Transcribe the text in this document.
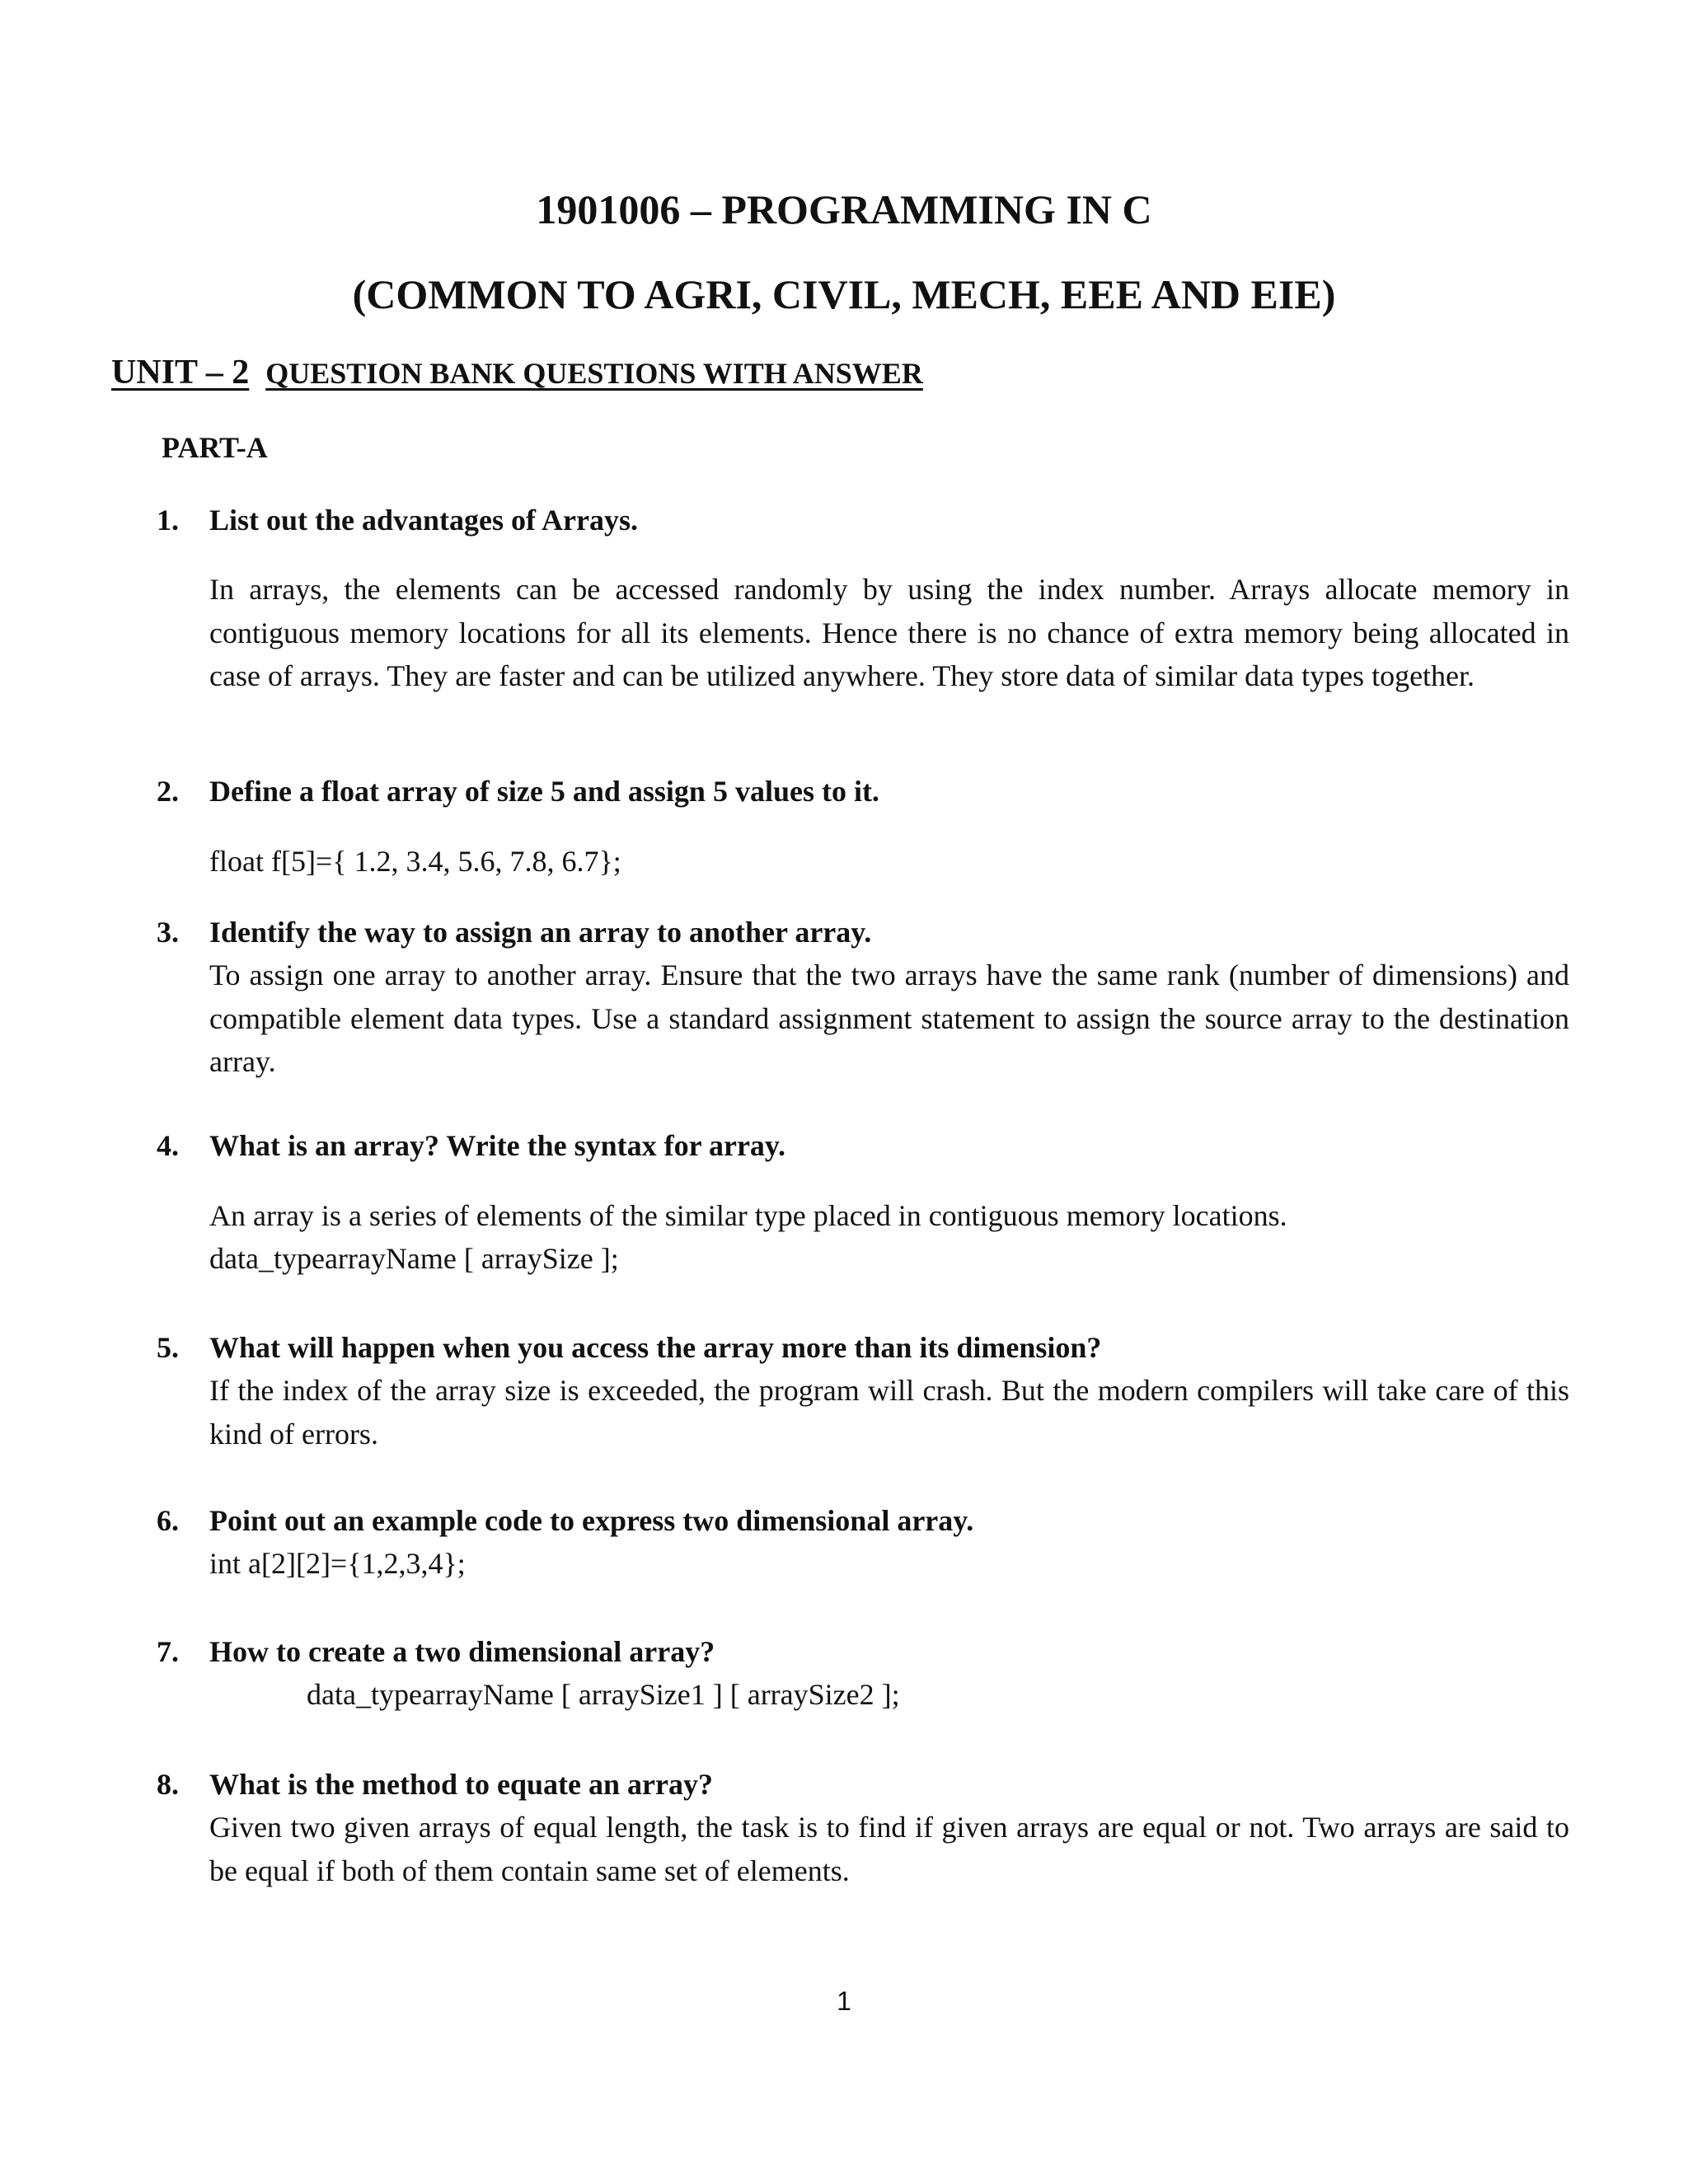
1901006 – PROGRAMMING IN C
(COMMON TO AGRI, CIVIL, MECH, EEE AND EIE)
UNIT – 2 QUESTION BANK QUESTIONS WITH ANSWER
PART-A
1. List out the advantages of Arrays.

In arrays, the elements can be accessed randomly by using the index number. Arrays allocate memory in contiguous memory locations for all its elements. Hence there is no chance of extra memory being allocated in case of arrays. They are faster and can be utilized anywhere. They store data of similar data types together.

2. Define a float array of size 5 and assign 5 values to it.

float f[5]={ 1.2, 3.4, 5.6, 7.8, 6.7};

3. Identify the way to assign an array to another array.

To assign one array to another array. Ensure that the two arrays have the same rank (number of dimensions) and compatible element data types. Use a standard assignment statement to assign the source array to the destination array.

4. What is an array? Write the syntax for array.

An array is a series of elements of the similar type placed in contiguous memory locations.

data_typearrayName [ arraySize ];

5. What will happen when you access the array more than its dimension?

If the index of the array size is exceeded, the program will crash. But the modern compilers will take care of this kind of errors.

6. Point out an example code to express two dimensional array.

int a[2][2]={1,2,3,4};

7. How to create a two dimensional array?

data_typearrayName [ arraySize1 ] [ arraySize2 ];

8. What is the method to equate an array?

Given two given arrays of equal length, the task is to find if given arrays are equal or not. Two arrays are said to be equal if both of them contain same set of elements.

1
